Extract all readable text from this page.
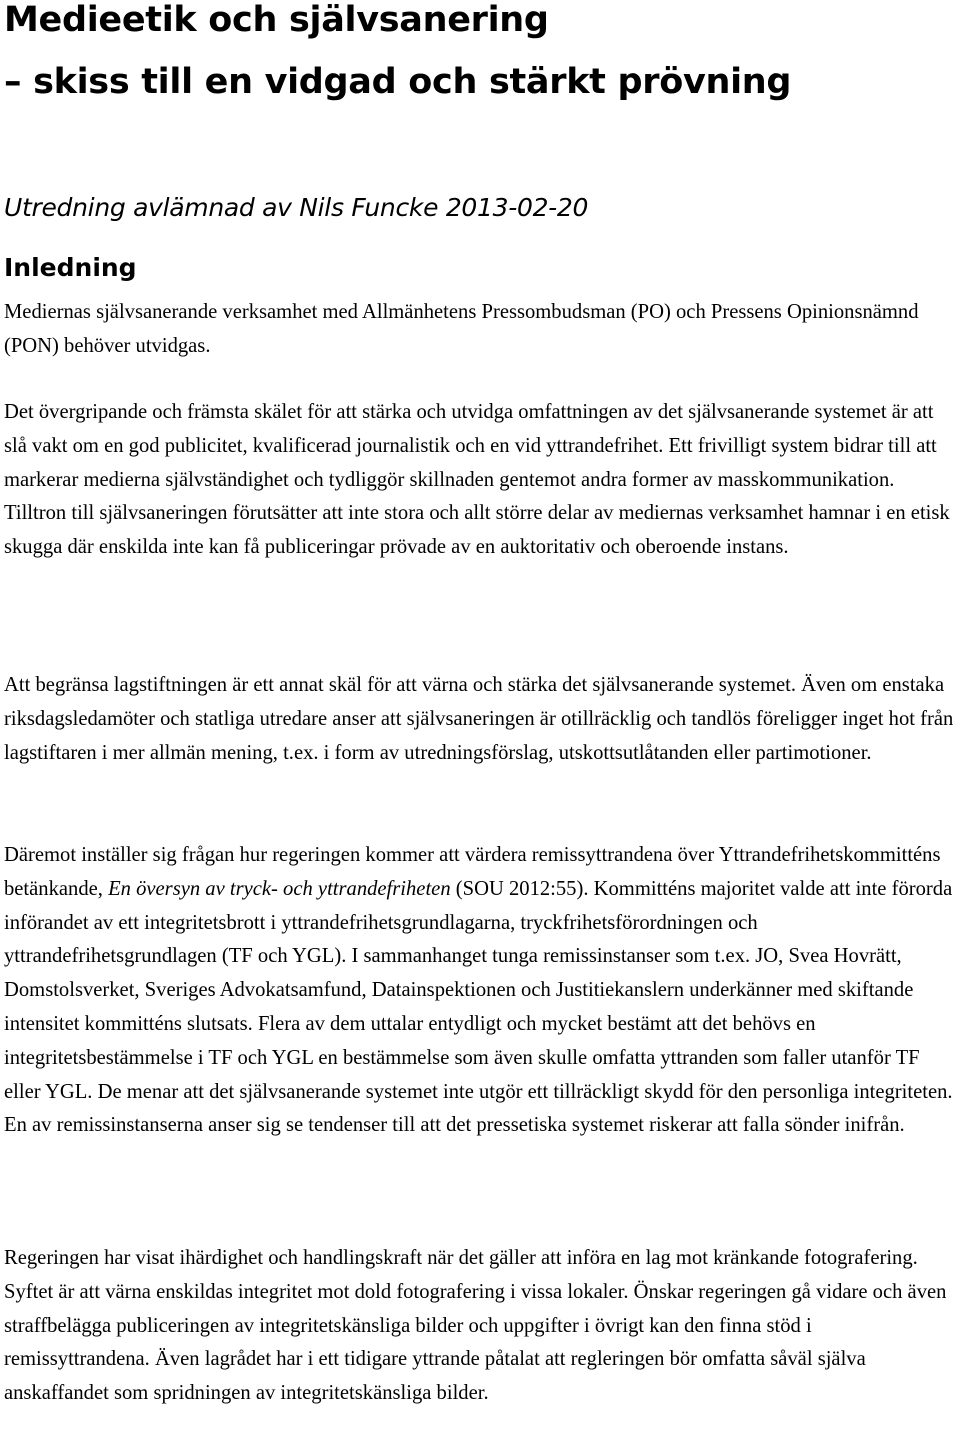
Medieetik och självsanering
– skiss till en vidgad och stärkt prövning

Utredning avlämnad av Nils Funcke 2013-02-20

Inledning

Mediernas självsanerande verksamhet med Allmänhetens Pressombudsman (PO) och Pressens Opinionsnämnd (PON) behöver utvidgas.

Det övergripande och främsta skälet för att stärka och utvidga omfattningen av det självsanerande systemet är att slå vakt om en god publicitet, kvalificerad journalistik och en vid yttrandefrihet. Ett frivilligt system bidrar till att markerar medierna självständighet och tydliggör skillnaden gentemot andra former av masskommunikation. Tilltron till självsaneringen förutsätter att inte stora och allt större delar av mediernas verksamhet hamnar i en etisk skugga där enskilda inte kan få publiceringar prövade av en auktoritativ och oberoende instans.

Att begränsa lagstiftningen är ett annat skäl för att värna och stärka det självsanerande systemet. Även om enstaka riksdagsledamöter och statliga utredare anser att självsaneringen är otillräcklig och tandlös föreligger inget hot från lagstiftaren i mer allmän mening, t.ex. i form av utredningsförslag, utskottsutlåtanden eller partimotioner.

Däremot inställer sig frågan hur regeringen kommer att värdera remissyttrandena över Yttrandefrihetskommitténs betänkande, En översyn av tryck- och yttrandefriheten (SOU 2012:55). Kommitténs majoritet valde att inte förorda införandet av ett integritetsbrott i yttrandefrihetsgrundlagarna, tryckfrihetsförordningen och yttrandefrihetsgrundlagen (TF och YGL). I sammanhanget tunga remissinstanser som t.ex. JO, Svea Hovrätt, Domstolsverket, Sveriges Advokatsamfund, Datainspektionen och Justitiekanslern underkänner med skiftande intensitet kommitténs slutsats. Flera av dem uttalar entydligt och mycket bestämt att det behövs en integritetsbestämmelse i TF och YGL en bestämmelse som även skulle omfatta yttranden som faller utanför TF eller YGL. De menar att det självsanerande systemet inte utgör ett tillräckligt skydd för den personliga integriteten. En av remissinstanserna anser sig se tendenser till att det pressetiska systemet riskerar att falla sönder inifrån.

Regeringen har visat ihärdighet och handlingskraft när det gäller att införa en lag mot kränkande fotografering. Syftet är att värna enskildas integritet mot dold fotografering i vissa lokaler. Önskar regeringen gå vidare och även straffbelägga publiceringen av integritetskänsliga bilder och uppgifter i övrigt kan den finna stöd i remissyttrandena. Även lagrådet har i ett tidigare yttrande påtalat att regleringen bör omfatta såväl själva anskaffandet som spridningen av integritetskänsliga bilder.
